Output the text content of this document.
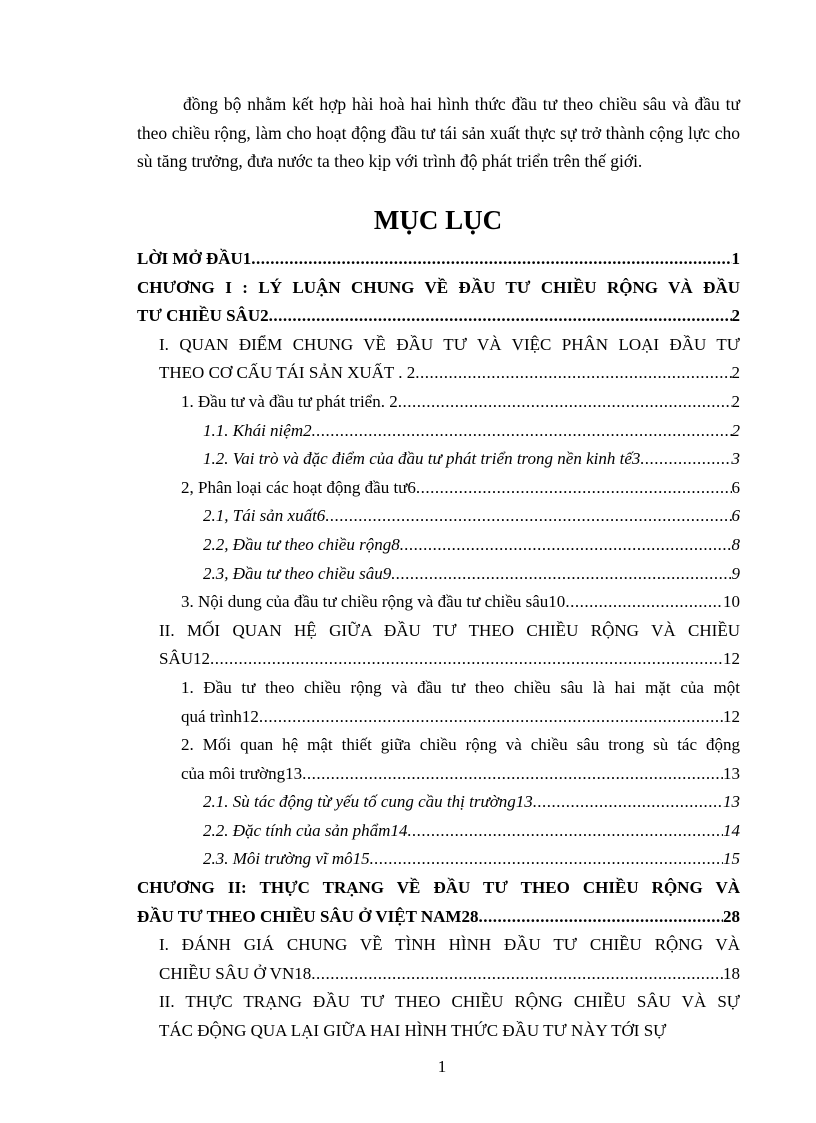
đồng bộ nhằm kết hợp hài hoà hai hình thức đầu tư theo chiều sâu và đầu tư theo chiều rộng, làm cho hoạt động đầu tư tái sản xuất thực sự trở thành cộng lực cho sù tăng trưởng, đưa nước ta theo kịp với trình độ phát triển trên thế giới.

MỤC LỤC
LỜI MỞ ĐẦU1 .....	1
CHƯƠNG I : LÝ LUẬN CHUNG VỀ ĐẦU TƯ CHIỀU RỘNG VÀ ĐẦU
TƯ CHIỀU SÂU2 .....	2
I. QUAN ĐIỂM CHUNG VỀ ĐẦU TƯ VÀ VIỆC PHÂN LOẠI ĐẦU TƯ
THEO CƠ CẤU TÁI SẢN XUẤT . 2 .....	2
1. Đầu tư và đầu tư phát triển. 2 .....	2
1.1. Khái niệm2 .....	2
1.2. Vai trò và đặc điểm của đầu tư phát triển trong nền kinh tế3 .....	3
2, Phân loại các hoạt động đầu tư6 .....	6
2.1, Tái sản xuất6 .....	6
2.2, Đầu tư theo chiều rộng8 .....	8
2.3, Đầu tư theo chiều sâu9 .....	9
3. Nội dung của đầu tư chiều rộng và đầu tư chiều sâu10 .....	10
II. MỐI QUAN HỆ GIỮA ĐẦU TƯ THEO CHIỀU RỘNG VÀ CHIỀU
SÂU12 .....	12
1. Đầu tư theo chiều rộng và đầu tư theo chiều sâu là hai mặt của một
quá trình12 .....	12
2. Mối quan hệ mật thiết giữa chiều rộng và chiều sâu trong sù tác động
của môi trường13 .....	13
2.1. Sù tác động từ yếu tố cung cầu thị trường13 .....	13
2.2. Đặc tính của sản phẩm14 .....	14
2.3. Môi trường vĩ mô15 .....	15
CHƯƠNG II: THỰC TRẠNG VỀ ĐẦU TƯ THEO CHIỀU RỘNG VÀ
ĐẦU TƯ THEO CHIỀU SÂU Ở VIỆT NAM28 .....	28
I. ĐÁNH GIÁ CHUNG VỀ TÌNH HÌNH ĐẦU TƯ CHIỀU RỘNG VÀ
CHIỀU SÂU Ở VN18 .....	18
II. THỰC TRẠNG ĐẦU TƯ THEO CHIỀU RỘNG CHIỀU SÂU VÀ SỰ
TÁC ĐỘNG QUA LẠI GIỮA HAI HÌNH THỨC ĐẦU TƯ NÀY TỚI SỰ

1
